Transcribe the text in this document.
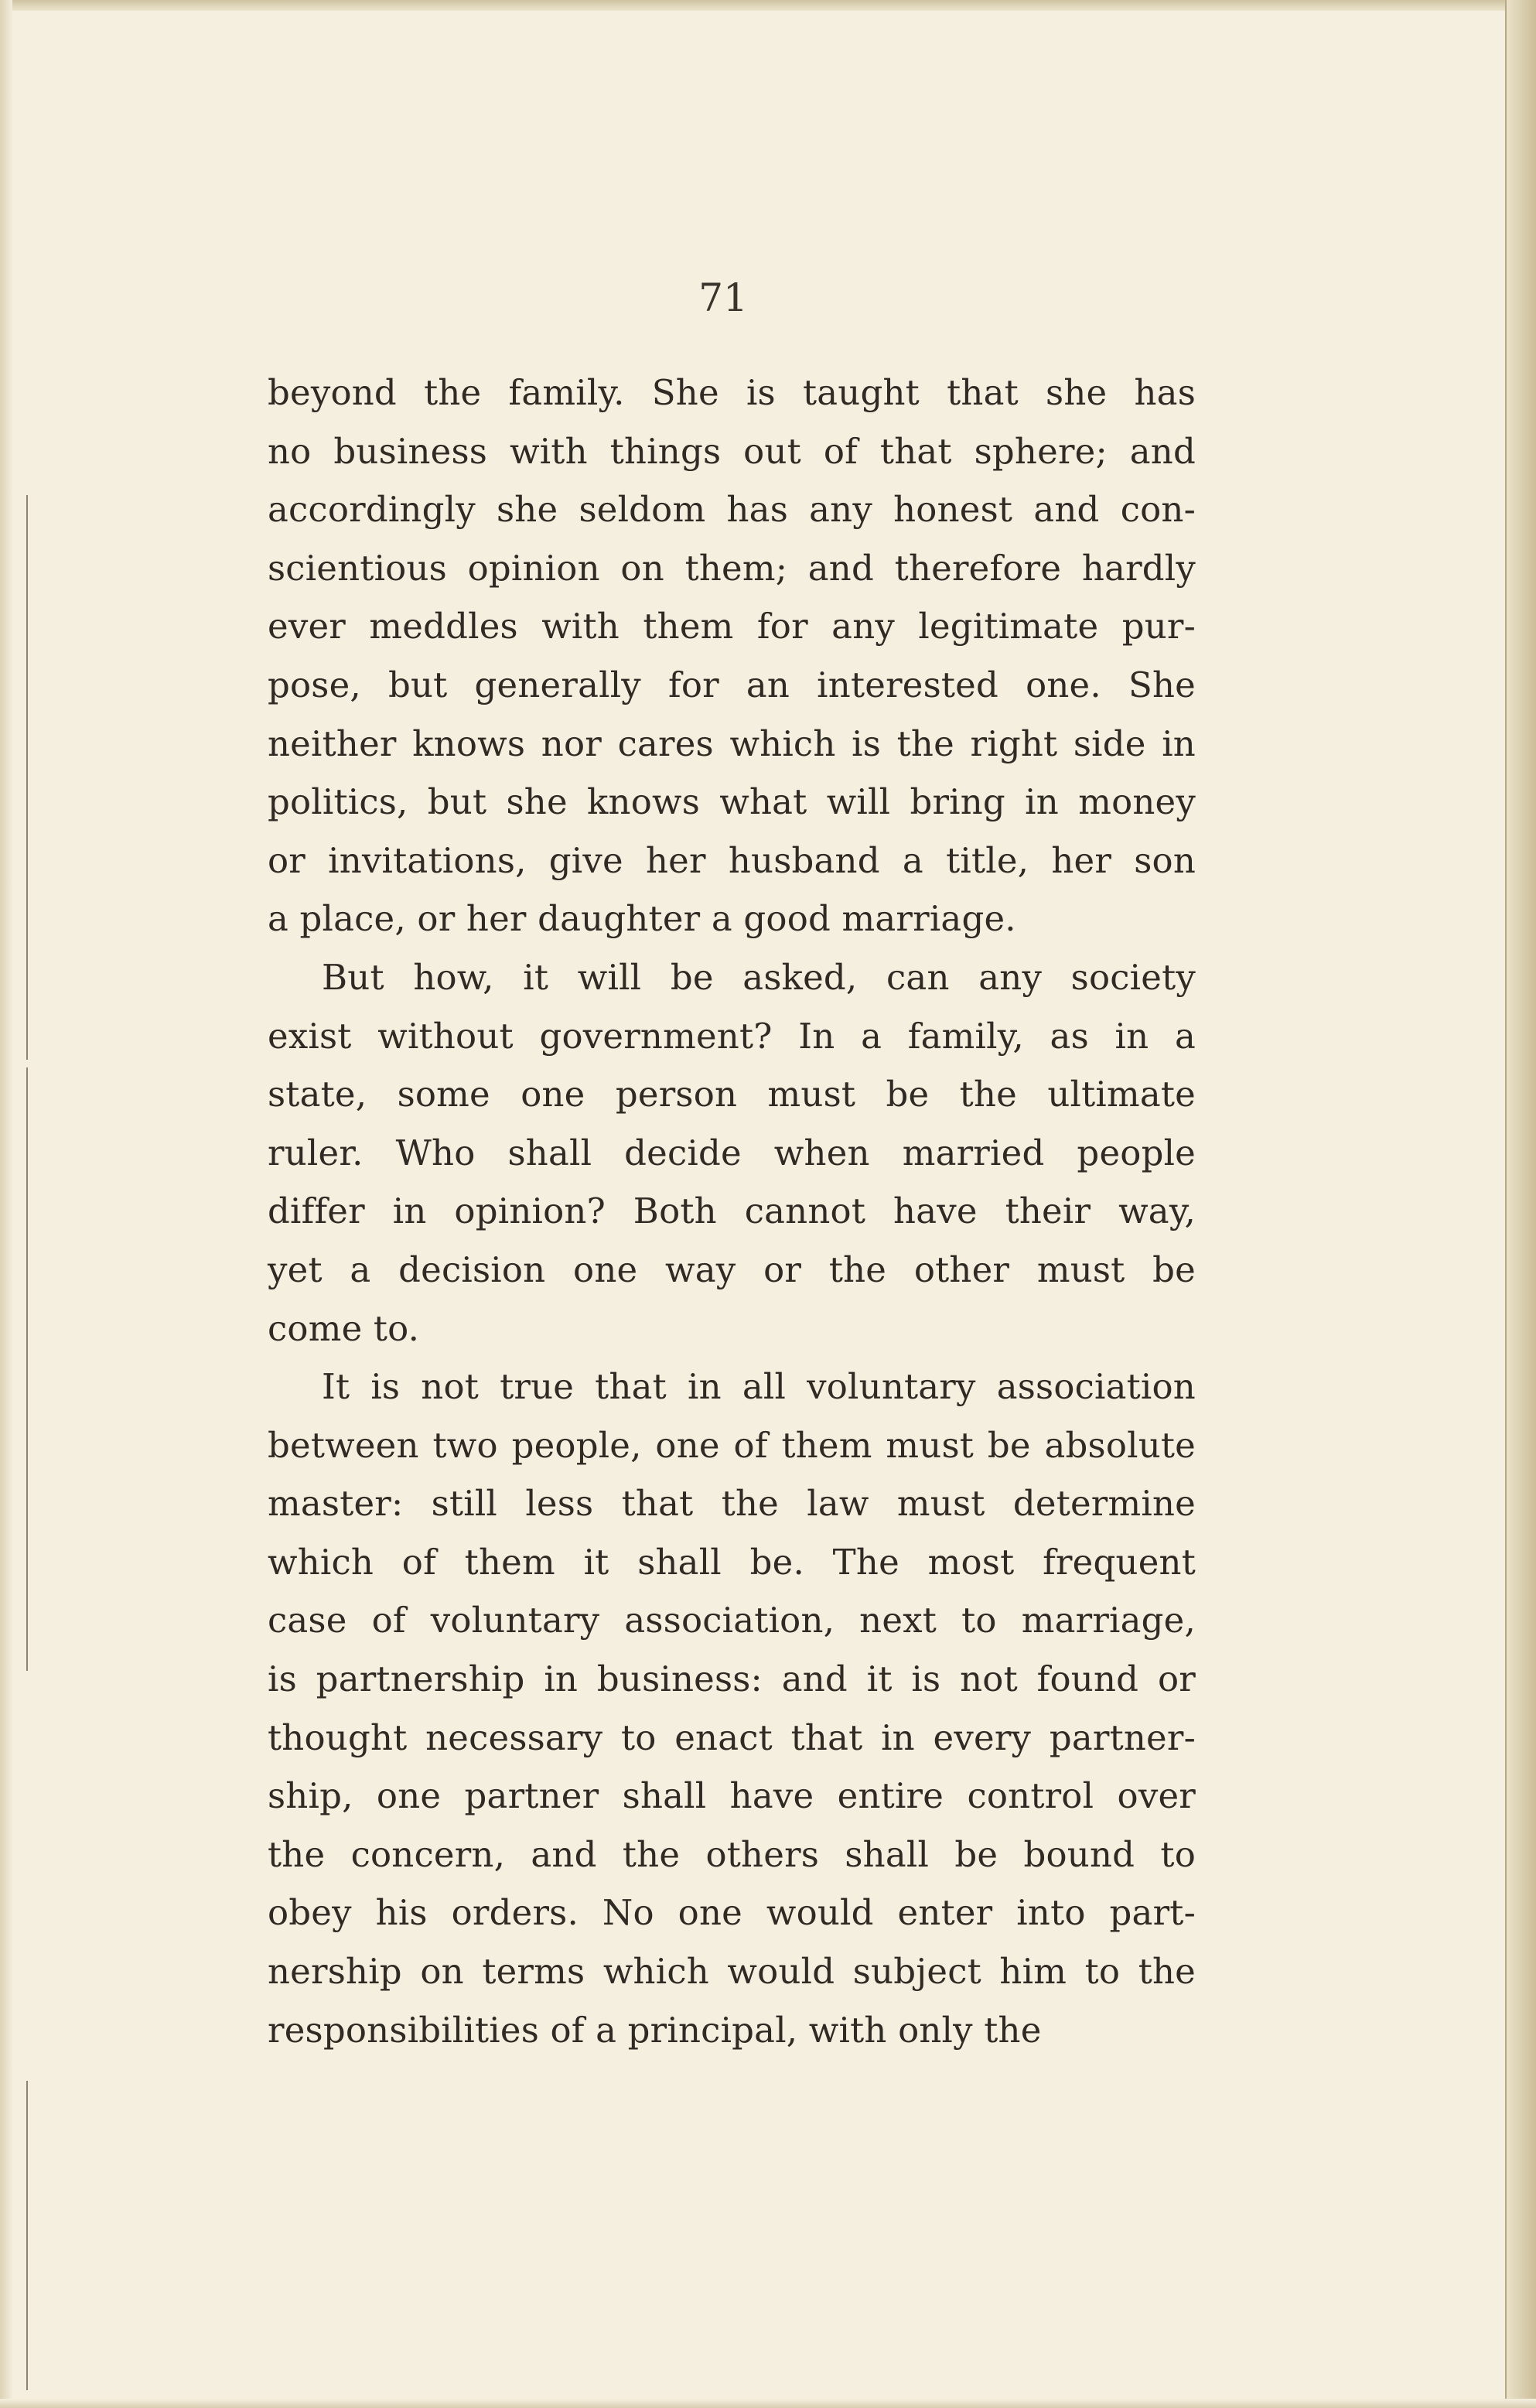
71
beyond the family. She is taught that she has
no business with things out of that sphere; and
accordingly she seldom has any honest and con-
scientious opinion on them; and therefore hardly
ever meddles with them for any legitimate pur-
pose, but generally for an interested one. She
neither knows nor cares which is the right side in
politics, but she knows what will bring in money
or invitations, give her husband a title, her son
a place, or her daughter a good marriage.
But how, it will be asked, can any society
exist without government? In a family, as in a
state, some one person must be the ultimate
ruler. Who shall decide when married people
differ in opinion? Both cannot have their way,
yet a decision one way or the other must be
come to.
It is not true that in all voluntary association
between two people, one of them must be absolute
master: still less that the law must determine
which of them it shall be. The most frequent
case of voluntary association, next to marriage,
is partnership in business: and it is not found or
thought necessary to enact that in every partner-
ship, one partner shall have entire control over
the concern, and the others shall be bound to
obey his orders. No one would enter into part-
nership on terms which would subject him to the
responsibilities of a principal, with only the
